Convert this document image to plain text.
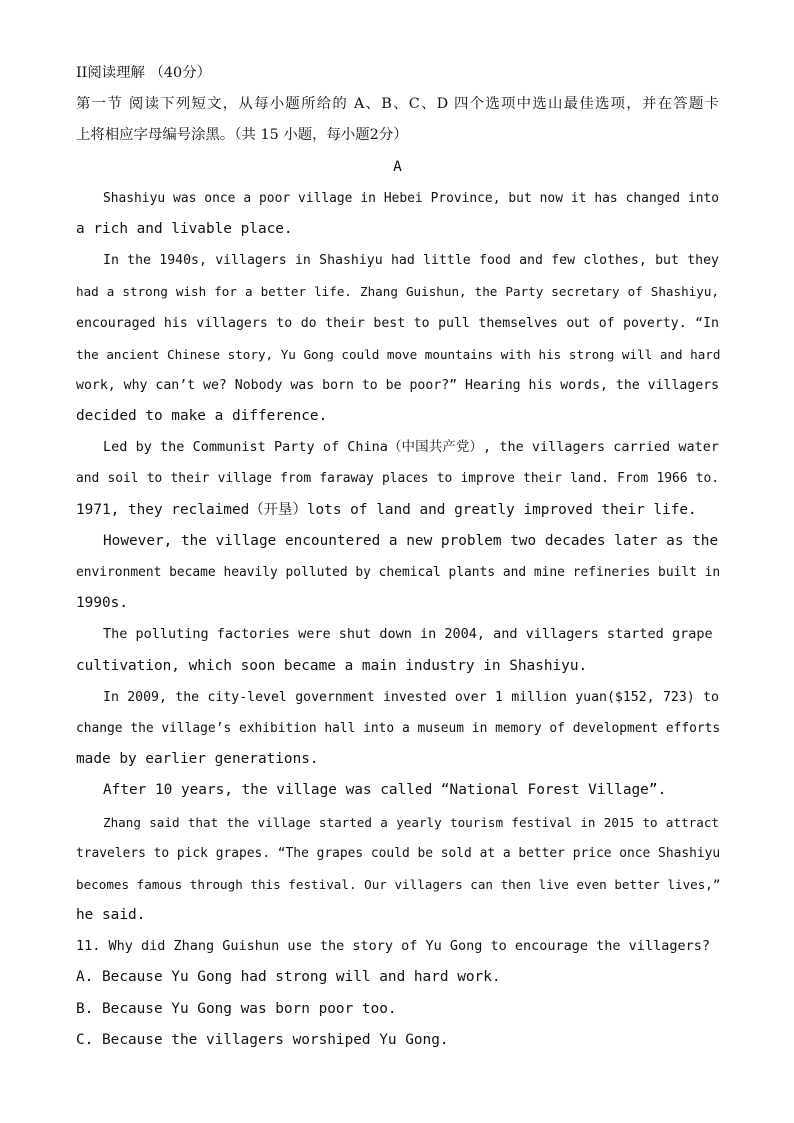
II阅读理解 （40分）
第一节 阅读下列短文，从每小题所给的 A、B、C、D 四个选项中选山最佳选项，并在答题卡
上将相应字母编号涂黑。（共 15 小题，每小题2分）
A
Shashiyu was once a poor village in Hebei Province, but now it has changed into
a rich and livable place.
In the 1940s, villagers in Shashiyu had little food and few clothes, but they
had a strong wish for a better life. Zhang Guishun, the Party secretary of Shashiyu,
encouraged his villagers to do their best to pull themselves out of poverty. “In
the ancient Chinese story, Yu Gong could move mountains with his strong will and hard
work, why can’t we? Nobody was born to be poor?” Hearing his words, the villagers
decided to make a difference.
Led by the Communist Party of China（中国共产党）, the villagers carried water
and soil to their village from faraway places to improve their land. From 1966 to.
1971, they reclaimed（开垦）lots of land and greatly improved their life.
However, the village encountered a new problem two decades later as the
environment became heavily polluted by chemical plants and mine refineries built in
1990s.
The polluting factories were shut down in 2004, and villagers started grape
cultivation, which soon became a main industry in Shashiyu.
In 2009, the city-level government invested over 1 million yuan($152, 723) to
change the village’s exhibition hall into a museum in memory of development efforts
made by earlier generations.
After 10 years, the village was called “National Forest Village”.
Zhang said that the village started a yearly tourism festival in 2015 to attract
travelers to pick grapes. “The grapes could be sold at a better price once Shashiyu
becomes famous through this festival. Our villagers can then live even better lives,”
he said.
11. Why did Zhang Guishun use the story of Yu Gong to encourage the villagers?
A. Because Yu Gong had strong will and hard work.
B. Because Yu Gong was born poor too.
C. Because the villagers worshiped Yu Gong.
